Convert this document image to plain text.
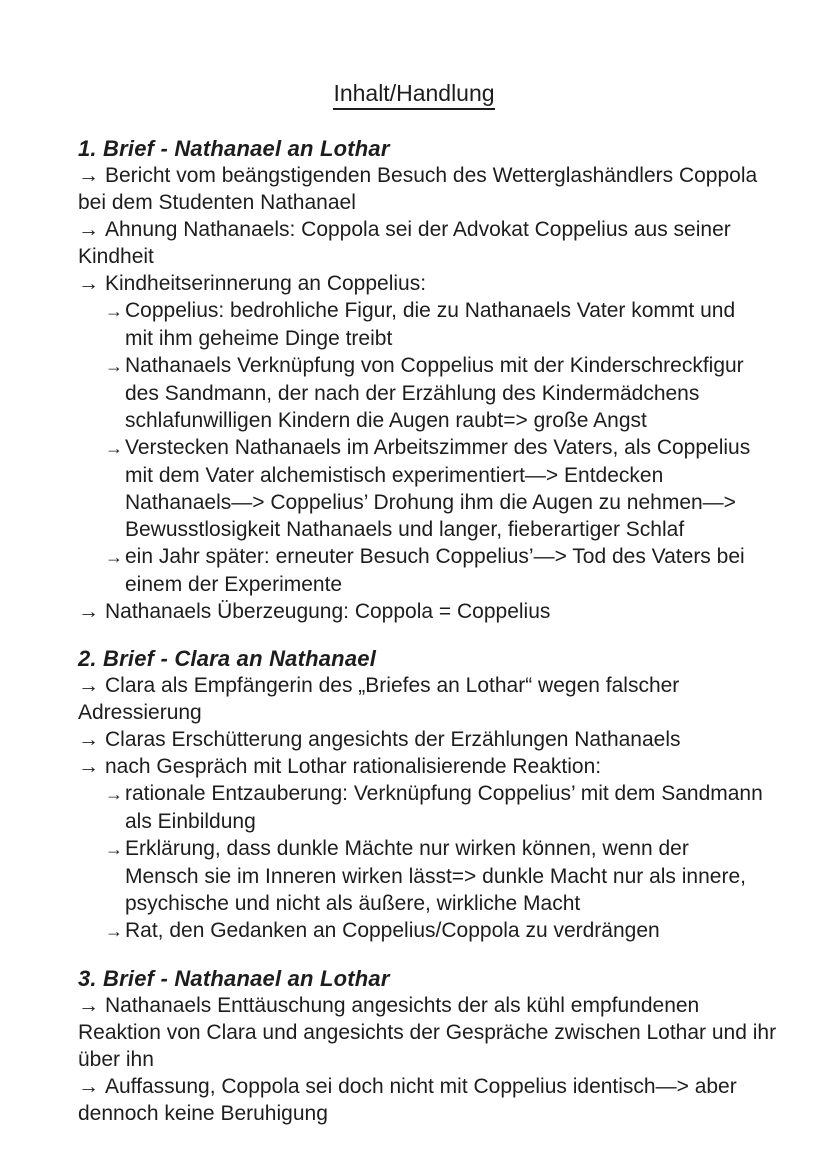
Inhalt/Handlung
1. Brief - Nathanael an Lothar
→ Bericht vom beängstigenden Besuch des Wetterglashändlers Coppola
bei dem Studenten Nathanael
→ Ahnung Nathanaels: Coppola sei der Advokat Coppelius aus seiner
Kindheit
→ Kindheitserinnerung an Coppelius:
→Coppelius: bedrohliche Figur, die zu Nathanaels Vater kommt und
mit ihm geheime Dinge treibt
→Nathanaels Verknüpfung von Coppelius mit der Kinderschreckfigur
des Sandmann, der nach der Erzählung des Kindermädchens
schlafunwilligen Kindern die Augen raubt=> große Angst
→Verstecken Nathanaels im Arbeitszimmer des Vaters, als Coppelius
mit dem Vater alchemistisch experimentiert—> Entdecken
Nathanaels—> Coppelius’ Drohung ihm die Augen zu nehmen—>
Bewusstlosigkeit Nathanaels und langer, fieberartiger Schlaf
→ein Jahr später: erneuter Besuch Coppelius’—> Tod des Vaters bei
einem der Experimente
→ Nathanaels Überzeugung: Coppola = Coppelius
2. Brief - Clara an Nathanael
→ Clara als Empfängerin des „Briefes an Lothar“ wegen falscher
Adressierung
→ Claras Erschütterung angesichts der Erzählungen Nathanaels
→ nach Gespräch mit Lothar rationalisierende Reaktion:
→rationale Entzauberung: Verknüpfung Coppelius’ mit dem Sandmann
als Einbildung
→Erklärung, dass dunkle Mächte nur wirken können, wenn der
Mensch sie im Inneren wirken lässt=> dunkle Macht nur als innere,
psychische und nicht als äußere, wirkliche Macht
→Rat, den Gedanken an Coppelius/Coppola zu verdrängen
3. Brief - Nathanael an Lothar
→ Nathanaels Enttäuschung angesichts der als kühl empfundenen
Reaktion von Clara und angesichts der Gespräche zwischen Lothar und ihr
über ihn
→ Auffassung, Coppola sei doch nicht mit Coppelius identisch—> aber
dennoch keine Beruhigung
